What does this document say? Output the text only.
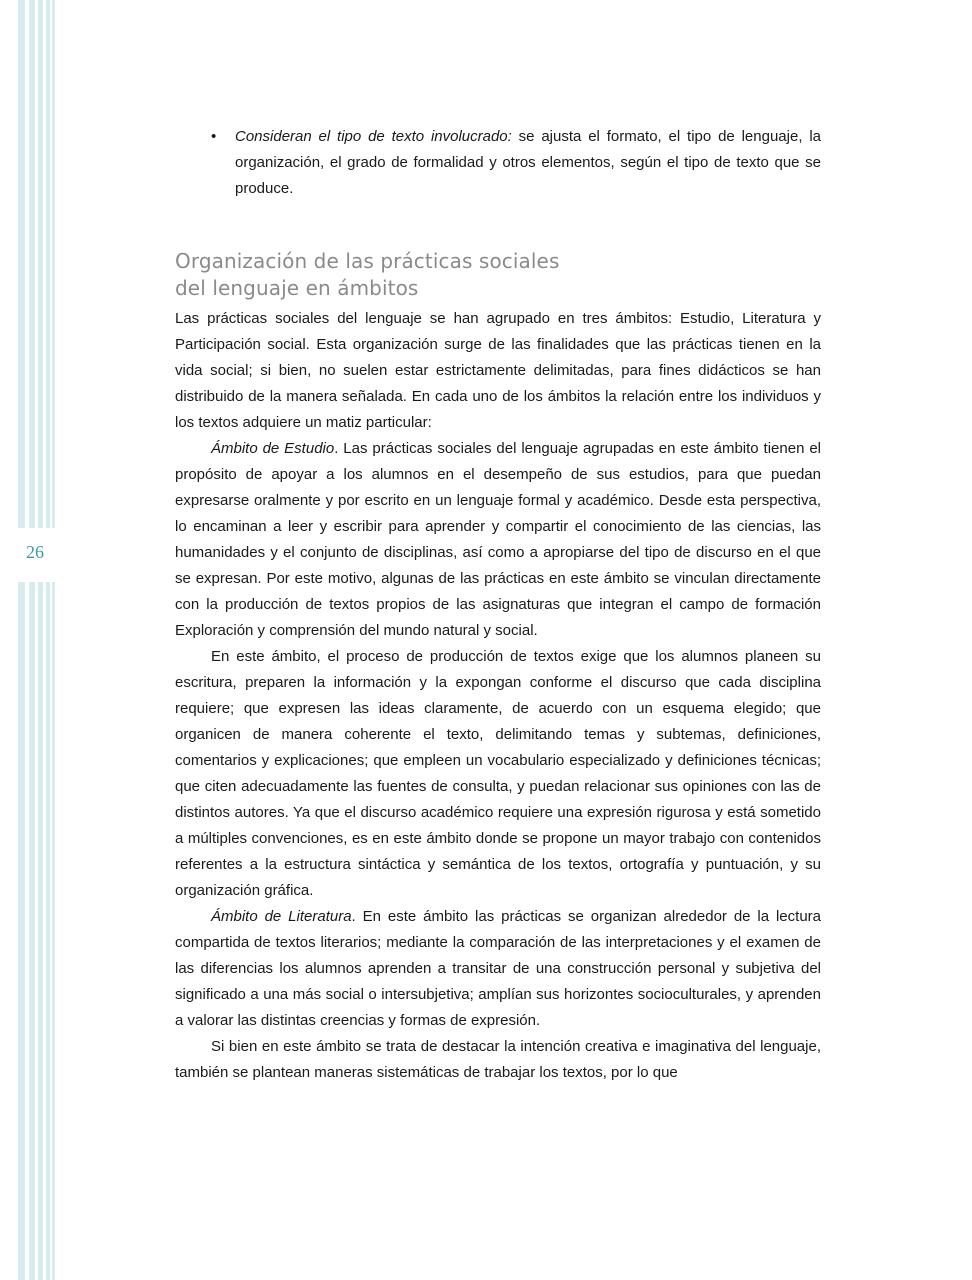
26
• Consideran el tipo de texto involucrado: se ajusta el formato, el tipo de lenguaje, la organización, el grado de formalidad y otros elementos, según el tipo de texto que se produce.
Organización de las prácticas sociales
del lenguaje en ámbitos

Las prácticas sociales del lenguaje se han agrupado en tres ámbitos: Estudio, Literatura y Participación social. Esta organización surge de las finalidades que las prácticas tienen en la vida social; si bien, no suelen estar estrictamente delimitadas, para fines didácticos se han distribuido de la manera señalada. En cada uno de los ámbitos la relación entre los individuos y los textos adquiere un matiz particular:

Ámbito de Estudio. Las prácticas sociales del lenguaje agrupadas en este ámbito tienen el propósito de apoyar a los alumnos en el desempeño de sus estudios, para que puedan expresarse oralmente y por escrito en un lenguaje formal y académico. Desde esta perspectiva, lo encaminan a leer y escribir para aprender y compartir el conocimiento de las ciencias, las humanidades y el conjunto de disciplinas, así como a apropiarse del tipo de discurso en el que se expresan. Por este motivo, algunas de las prácticas en este ámbito se vinculan directamente con la producción de textos propios de las asignaturas que integran el campo de formación Exploración y comprensión del mundo natural y social.

En este ámbito, el proceso de producción de textos exige que los alumnos planeen su escritura, preparen la información y la expongan conforme el discurso que cada disciplina requiere; que expresen las ideas claramente, de acuerdo con un esquema elegido; que organicen de manera coherente el texto, delimitando temas y subtemas, definiciones, comentarios y explicaciones; que empleen un vocabulario especializado y definiciones técnicas; que citen adecuadamente las fuentes de consulta, y puedan relacionar sus opiniones con las de distintos autores. Ya que el discurso académico requiere una expresión rigurosa y está sometido a múltiples convenciones, es en este ámbito donde se propone un mayor trabajo con contenidos referentes a la estructura sintáctica y semántica de los textos, ortografía y puntuación, y su organización gráfica.

Ámbito de Literatura. En este ámbito las prácticas se organizan alrededor de la lectura compartida de textos literarios; mediante la comparación de las interpretaciones y el examen de las diferencias los alumnos aprenden a transitar de una construcción personal y subjetiva del significado a una más social o intersubjetiva; amplían sus horizontes socioculturales, y aprenden a valorar las distintas creencias y formas de expresión.

Si bien en este ámbito se trata de destacar la intención creativa e imaginativa del lenguaje, también se plantean maneras sistemáticas de trabajar los textos, por lo que
